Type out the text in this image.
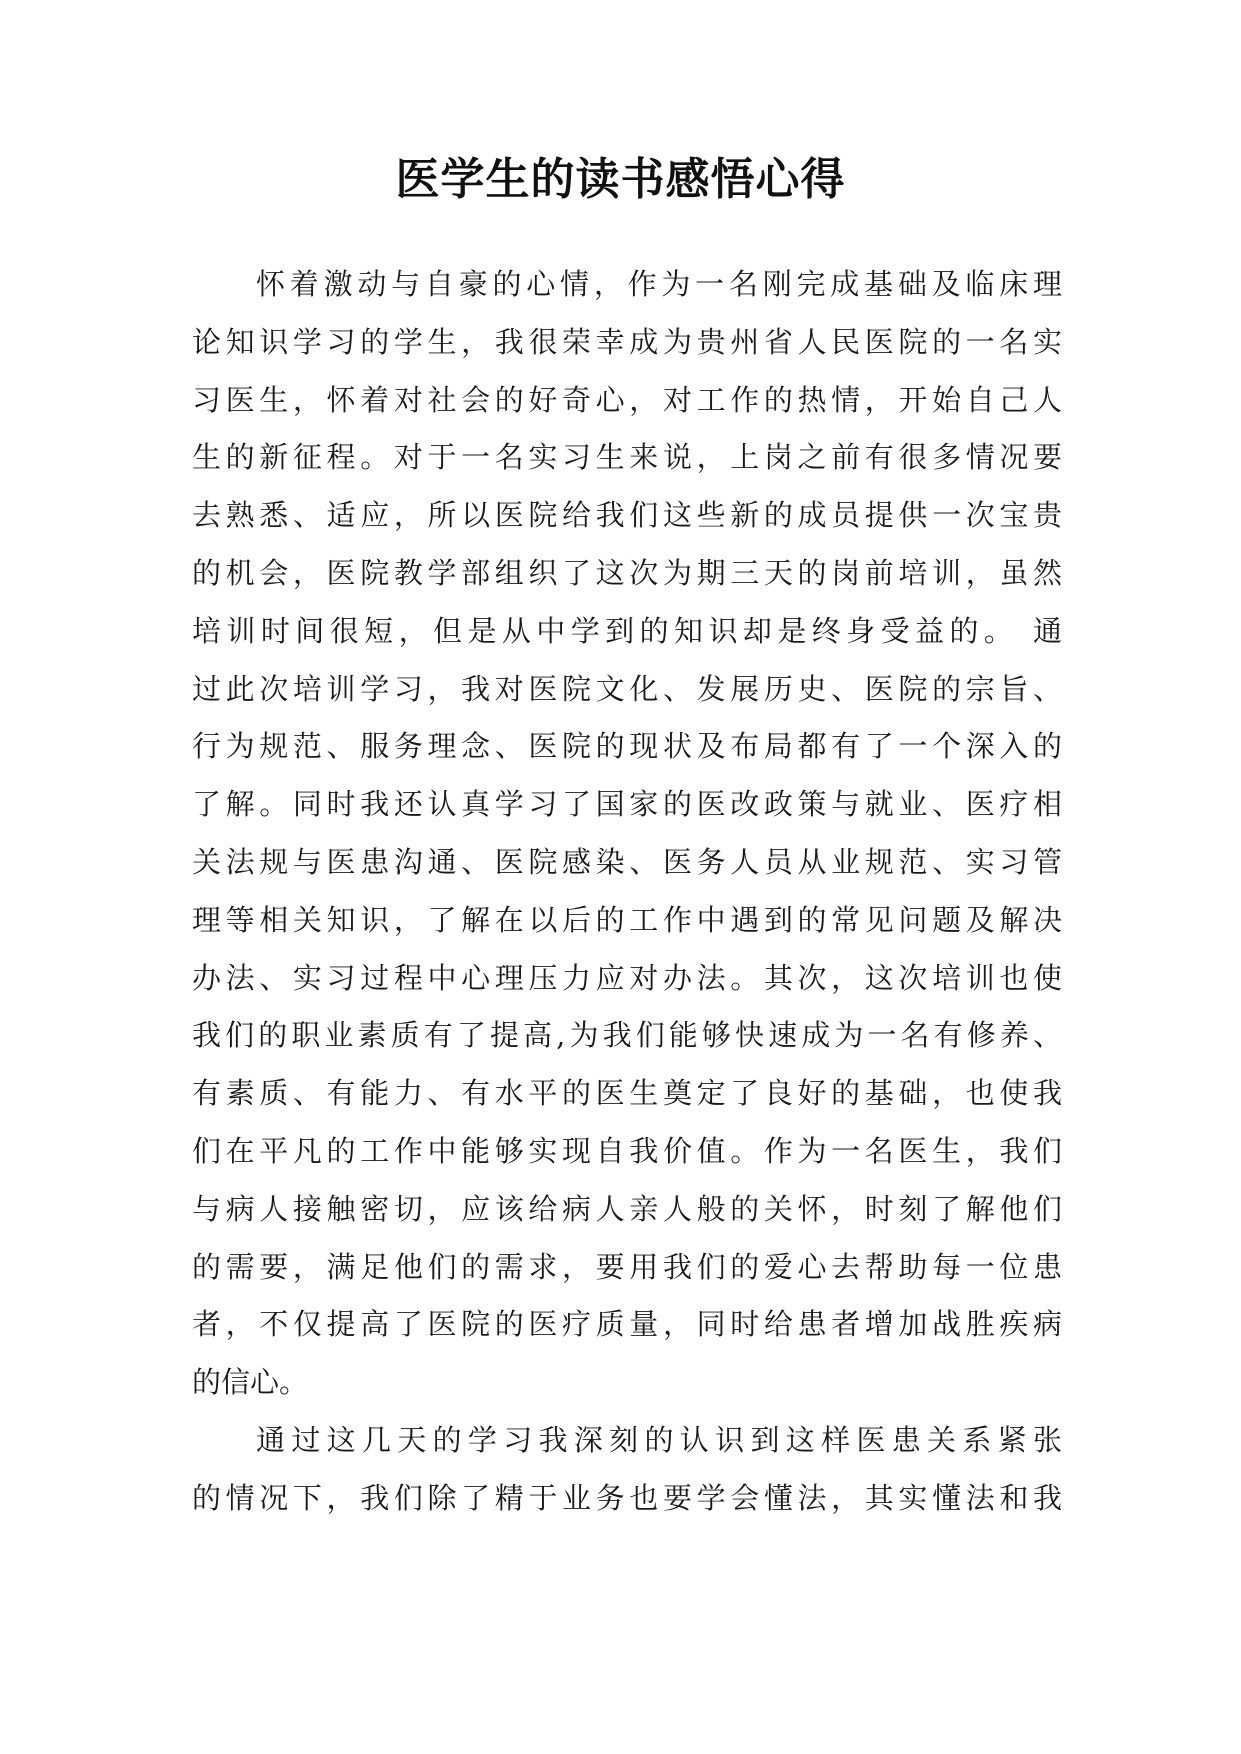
医学生的读书感悟心得
怀着激动与自豪的心情，作为一名刚完成基础及临床理
论知识学习的学生，我很荣幸成为贵州省人民医院的一名实
习医生，怀着对社会的好奇心，对工作的热情，开始自己人
生的新征程。对于一名实习生来说，上岗之前有很多情况要
去熟悉、适应，所以医院给我们这些新的成员提供一次宝贵
的机会，医院教学部组织了这次为期三天的岗前培训，虽然
培训时间很短，但是从中学到的知识却是终身受益的。 通
过此次培训学习，我对医院文化、发展历史、医院的宗旨、
行为规范、服务理念、医院的现状及布局都有了一个深入的
了解。同时我还认真学习了国家的医改政策与就业、医疗相
关法规与医患沟通、医院感染、医务人员从业规范、实习管
理等相关知识，了解在以后的工作中遇到的常见问题及解决
办法、实习过程中心理压力应对办法。其次，这次培训也使
我们的职业素质有了提高,为我们能够快速成为一名有修养、
有素质、有能力、有水平的医生奠定了良好的基础，也使我
们在平凡的工作中能够实现自我价值。作为一名医生，我们
与病人接触密切，应该给病人亲人般的关怀，时刻了解他们
的需要，满足他们的需求，要用我们的爱心去帮助每一位患
者，不仅提高了医院的医疗质量，同时给患者增加战胜疾病
的信心。
通过这几天的学习我深刻的认识到这样医患关系紧张
的情况下，我们除了精于业务也要学会懂法，其实懂法和我
